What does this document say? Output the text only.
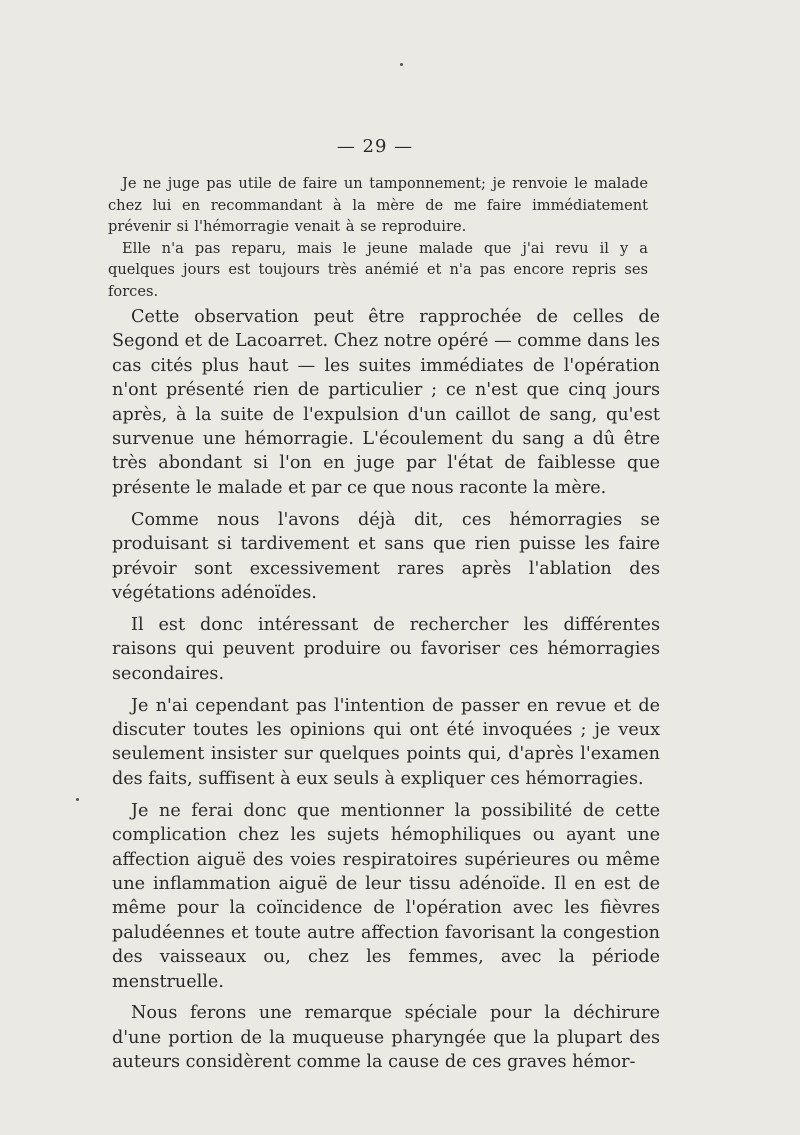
— 29 —

Je ne juge pas utile de faire un tamponnement; je renvoie le malade chez lui en recommandant à la mère de me faire immédiatement prévenir si l'hémorragie venait à se reproduire.

Elle n'a pas reparu, mais le jeune malade que j'ai revu il y a quelques jours est toujours très anémié et n'a pas encore repris ses forces.

Cette observation peut être rapprochée de celles de Segond et de Lacoarret. Chez notre opéré — comme dans les cas cités plus haut — les suites immédiates de l'opération n'ont présenté rien de particulier ; ce n'est que cinq jours après, à la suite de l'expulsion d'un caillot de sang, qu'est survenue une hémorragie. L'écoulement du sang a dû être très abondant si l'on en juge par l'état de faiblesse que présente le malade et par ce que nous raconte la mère.

Comme nous l'avons déjà dit, ces hémorragies se produisant si tardivement et sans que rien puisse les faire prévoir sont excessivement rares après l'ablation des végétations adénoïdes.

Il est donc intéressant de rechercher les différentes raisons qui peuvent produire ou favoriser ces hémorragies secondaires.

Je n'ai cependant pas l'intention de passer en revue et de discuter toutes les opinions qui ont été invoquées ; je veux seulement insister sur quelques points qui, d'après l'examen des faits, suffisent à eux seuls à expliquer ces hémorragies.

Je ne ferai donc que mentionner la possibilité de cette complication chez les sujets hémophiliques ou ayant une affection aiguë des voies respiratoires supérieures ou même une inflammation aiguë de leur tissu adénoïde. Il en est de même pour la coïncidence de l'opération avec les fièvres paludéennes et toute autre affection favorisant la congestion des vaisseaux ou, chez les femmes, avec la période menstruelle.

Nous ferons une remarque spéciale pour la déchirure d'une portion de la muqueuse pharyngée que la plupart des auteurs considèrent comme la cause de ces graves hémor-
